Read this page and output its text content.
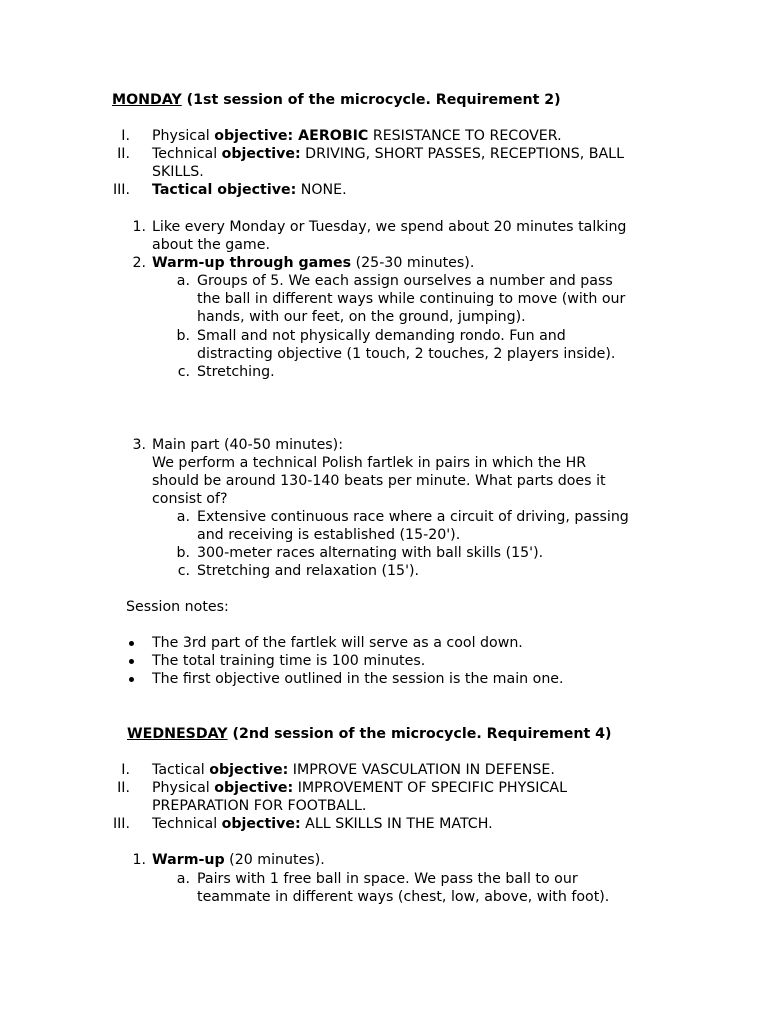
MONDAY (1st session of the microcycle. Requirement 2)
I. Physical objective: AEROBIC RESISTANCE TO RECOVER.
II. Technical objective: DRIVING, SHORT PASSES, RECEPTIONS, BALL
SKILLS.
III. Tactical objective: NONE.
1. Like every Monday or Tuesday, we spend about 20 minutes talking
about the game.
2. Warm-up through games (25-30 minutes).
a. Groups of 5. We each assign ourselves a number and pass
the ball in different ways while continuing to move (with our
hands, with our feet, on the ground, jumping).
b. Small and not physically demanding rondo. Fun and
distracting objective (1 touch, 2 touches, 2 players inside).
c. Stretching.
3. Main part (40-50 minutes):
We perform a technical Polish fartlek in pairs in which the HR
should be around 130-140 beats per minute. What parts does it
consist of?
a. Extensive continuous race where a circuit of driving, passing
and receiving is established (15-20').
b. 300-meter races alternating with ball skills (15').
c. Stretching and relaxation (15').
Session notes:
The 3rd part of the fartlek will serve as a cool down.
The total training time is 100 minutes.
The first objective outlined in the session is the main one.
WEDNESDAY (2nd session of the microcycle. Requirement 4)
I. Tactical objective: IMPROVE VASCULATION IN DEFENSE.
II. Physical objective: IMPROVEMENT OF SPECIFIC PHYSICAL
PREPARATION FOR FOOTBALL.
III. Technical objective: ALL SKILLS IN THE MATCH.
1. Warm-up (20 minutes).
a. Pairs with 1 free ball in space. We pass the ball to our
teammate in different ways (chest, low, above, with foot).
